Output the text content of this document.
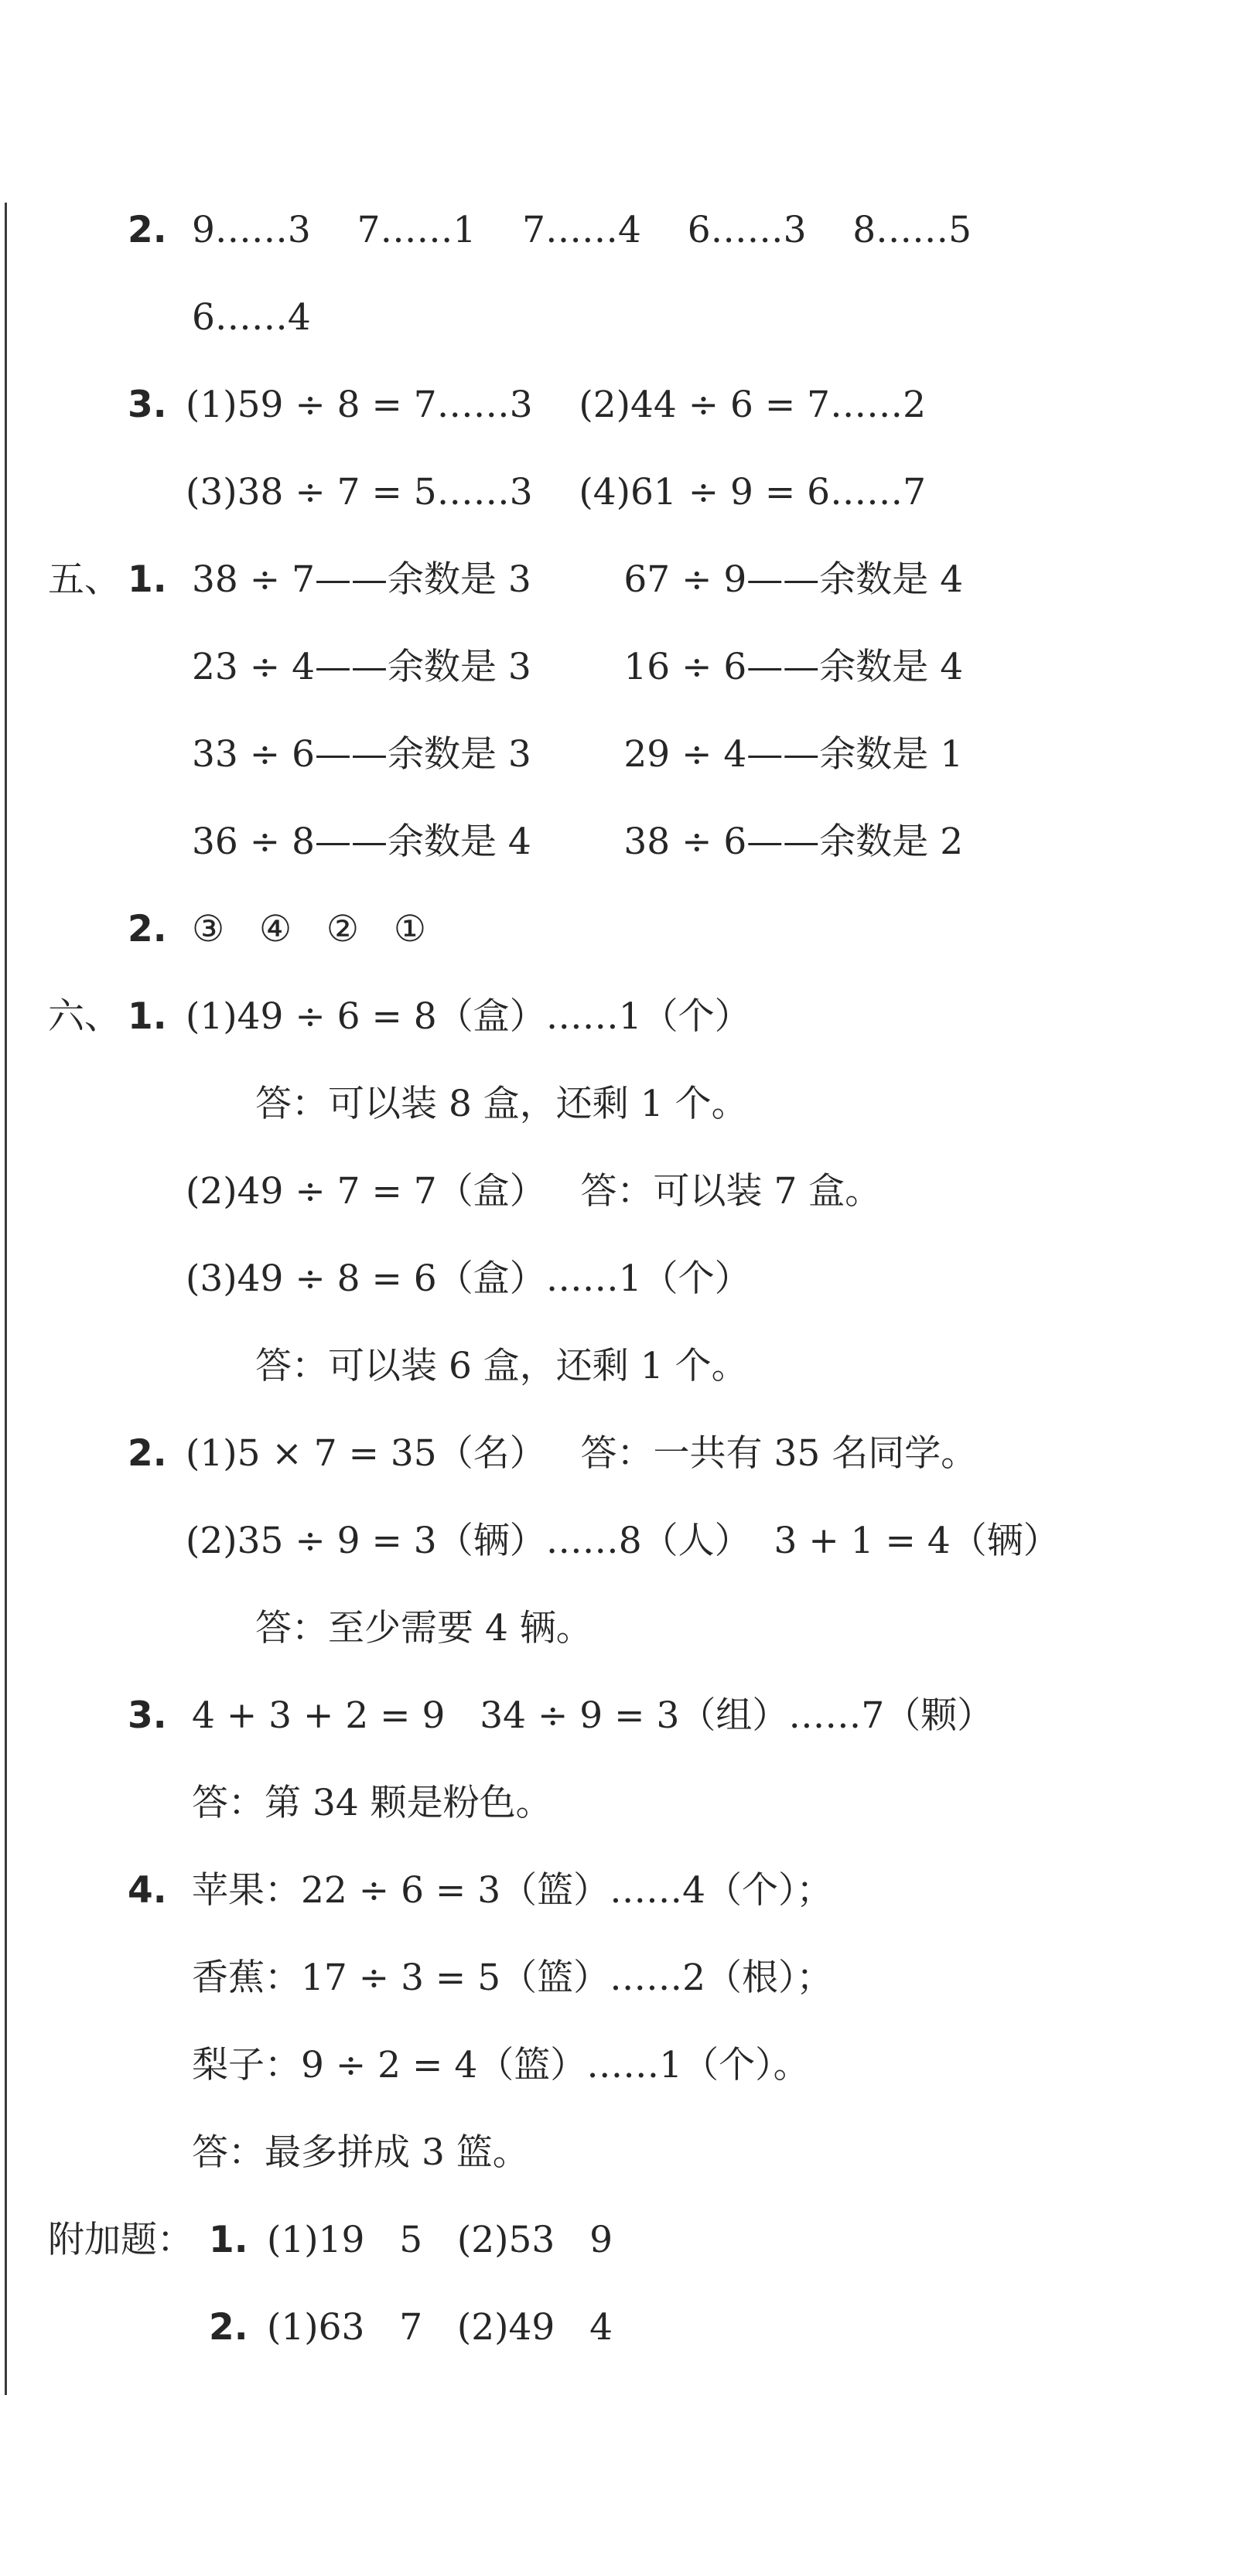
2.

9……3    7……1    7……4    6……3    8……5

6……4

3.

(1)59 ÷ 8 = 7……3    (2)44 ÷ 6 = 7……2

(3)38 ÷ 7 = 5……3    (4)61 ÷ 9 = 6……7

五、

1.

38 ÷ 7——余数是 3        67 ÷ 9——余数是 4

23 ÷ 4——余数是 3        16 ÷ 6——余数是 4

33 ÷ 6——余数是 3        29 ÷ 4——余数是 1

36 ÷ 8——余数是 4        38 ÷ 6——余数是 2

2.

③   ④   ②   ①

六、

1.

(1)49 ÷ 6 = 8（盒）……1（个）

答：可以装 8 盒，还剩 1 个。

(2)49 ÷ 7 = 7（盒）   答：可以装 7 盒。

(3)49 ÷ 8 = 6（盒）……1（个）

答：可以装 6 盒，还剩 1 个。

2.

(1)5 × 7 = 35（名）   答：一共有 35 名同学。

(2)35 ÷ 9 = 3（辆）……8（人）  3 + 1 = 4（辆）

答：至少需要 4 辆。

3.

4 + 3 + 2 = 9   34 ÷ 9 = 3（组）……7（颗）

答：第 34 颗是粉色。

4.

苹果：22 ÷ 6 = 3（篮）……4（个）；

香蕉：17 ÷ 3 = 5（篮）……2（根）；

梨子：9 ÷ 2 = 4（篮）……1（个）。

答：最多拼成 3 篮。

附加题：

1.

(1)19   5   (2)53   9

2.

(1)63   7   (2)49   4
